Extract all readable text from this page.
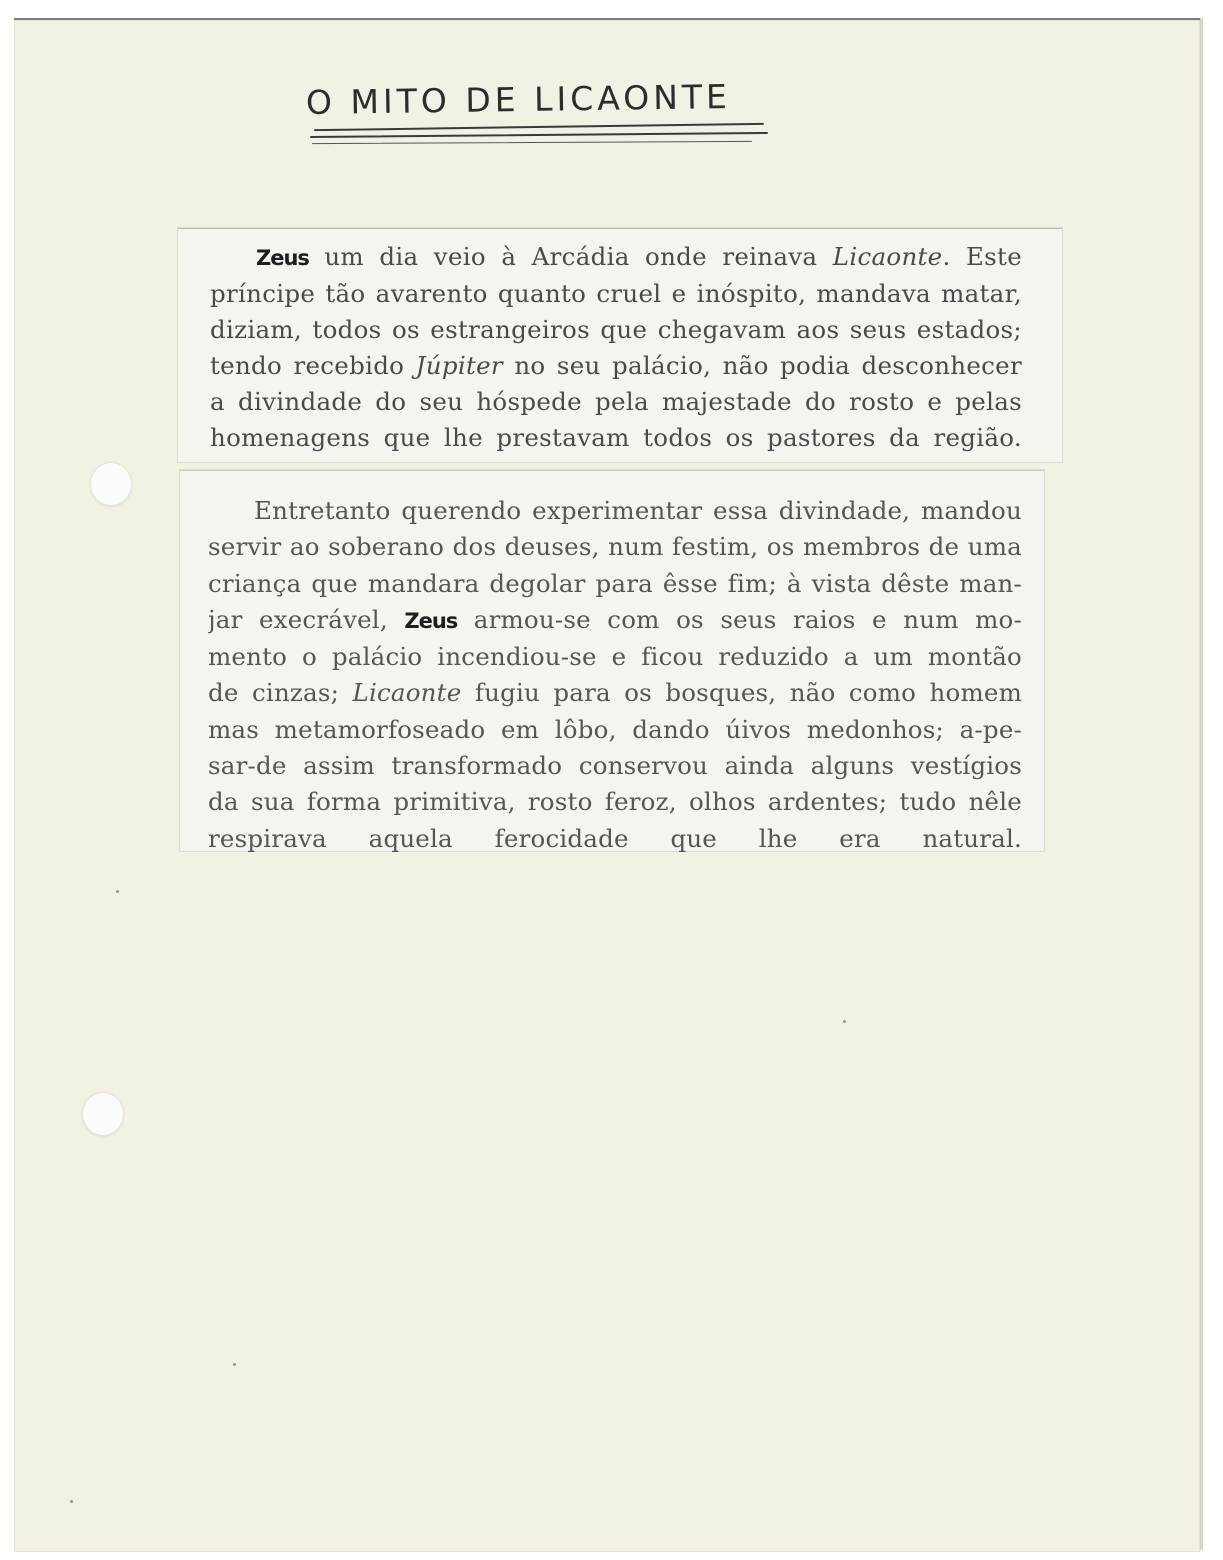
O MITO DE LICAONTE
Zeus um dia veio à Arcádia onde reinava Licaonte. Este
príncipe tão avarento quanto cruel e inóspito, mandava matar,
diziam, todos os estrangeiros que chegavam aos seus estados;
tendo recebido Júpiter no seu palácio, não podia desconhecer
a divindade do seu hóspede pela majestade do rosto e pelas
homenagens que lhe prestavam todos os pastores da região.
Entretanto querendo experimentar essa divindade, mandou
servir ao soberano dos deuses, num festim, os membros de uma
criança que mandara degolar para êsse fim; à vista dêste man-
jar execrável, Zeus armou-se com os seus raios e num mo-
mento o palácio incendiou-se e ficou reduzido a um montão
de cinzas; Licaonte fugiu para os bosques, não como homem
mas metamorfoseado em lôbo, dando úivos medonhos; a-pe-
sar-de assim transformado conservou ainda alguns vestígios
da sua forma primitiva, rosto feroz, olhos ardentes; tudo nêle
respirava aquela ferocidade que lhe era natural.
